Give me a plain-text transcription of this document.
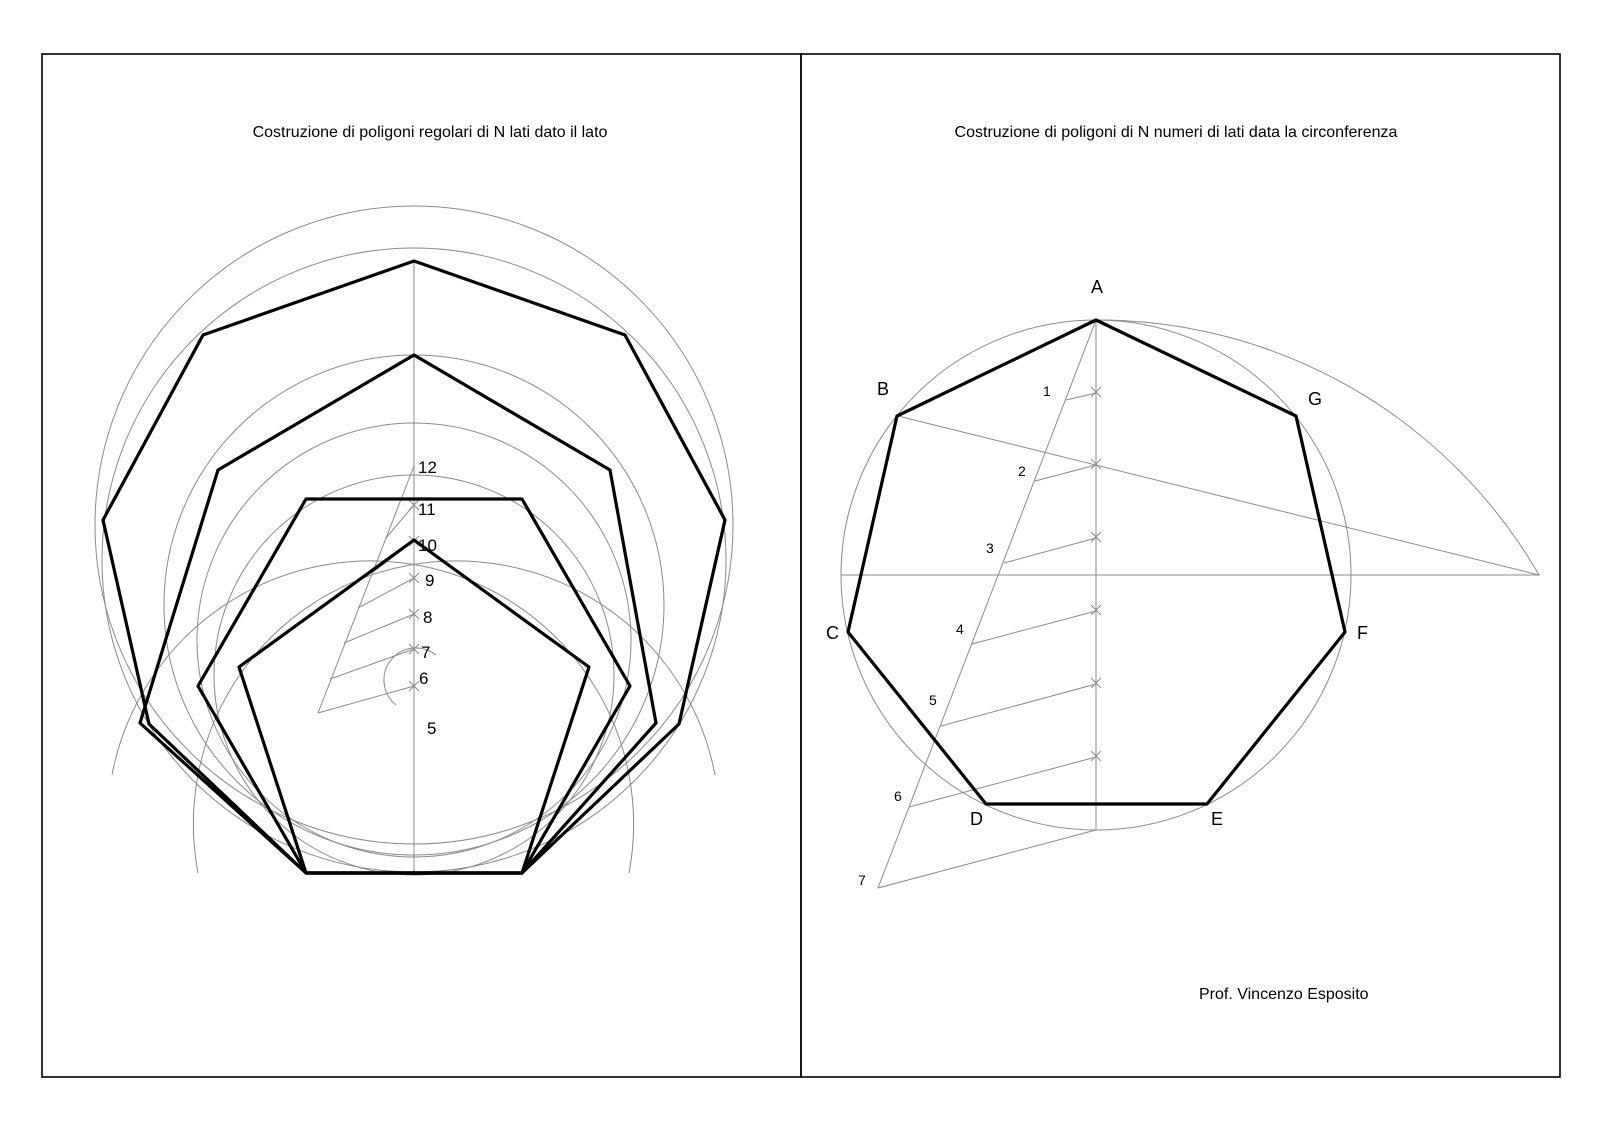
Costruzione di poligoni regolari di N lati dato il lato	Costruzione di poligoni di N numeri di lati data la circonferenza
5
6
7
8
9
10
11
12
A
B
C
D	E
F
G
1
2
3
4
5
6
7
Prof. Vincenzo Esposito
